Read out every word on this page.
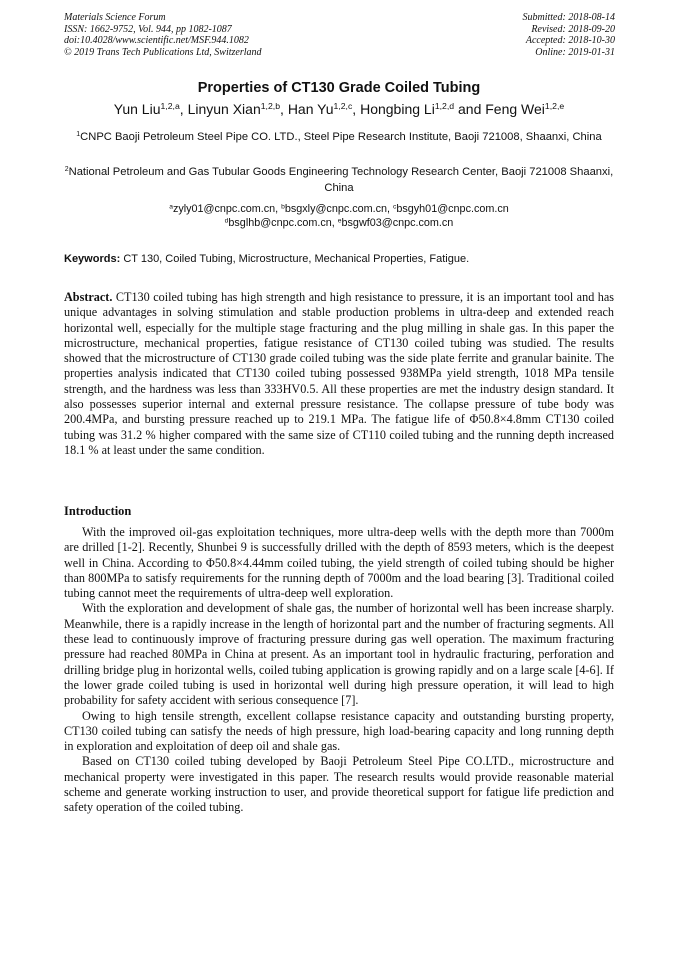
Materials Science Forum
ISSN: 1662-9752, Vol. 944, pp 1082-1087
doi:10.4028/www.scientific.net/MSF.944.1082
© 2019 Trans Tech Publications Ltd, Switzerland
Submitted: 2018-08-14
Revised: 2018-09-20
Accepted: 2018-10-30
Online: 2019-01-31
Properties of CT130 Grade Coiled Tubing
Yun Liu$^{1,2,a}$, Linyun Xian$^{1,2,b}$, Han Yu$^{1,2,c}$, Hongbing Li$^{1,2,d}$ and Feng Wei$^{1,2,e}$
$^1$CNPC Baoji Petroleum Steel Pipe CO. LTD., Steel Pipe Research Institute, Baoji 721008, Shaanxi, China
$^2$National Petroleum and Gas Tubular Goods Engineering Technology Research Center, Baoji 721008 Shaanxi, China
$^a$zyly01@cnpc.com.cn, $^b$bsgxly@cnpc.com.cn, $^c$bsgyh01@cnpc.com.cn
$^d$bsglhb@cnpc.com.cn, $^e$bsgwf03@cnpc.com.cn
Keywords: CT 130, Coiled Tubing, Microstructure, Mechanical Properties, Fatigue.
Abstract. CT130 coiled tubing has high strength and high resistance to pressure, it is an important tool and has unique advantages in solving stimulation and stable production problems in ultra-deep and extended reach horizontal well, especially for the multiple stage fracturing and the plug milling in shale gas. In this paper the microstructure, mechanical properties, fatigue resistance of CT130 coiled tubing was studied. The results showed that the microstructure of CT130 grade coiled tubing was the side plate ferrite and granular bainite. The properties analysis indicated that CT130 coiled tubing possessed 938MPa yield strength, 1018 MPa tensile strength, and the hardness was less than 333HV0.5. All these properties are met the industry design standard. It also possesses superior internal and external pressure resistance. The collapse pressure of tube body was 200.4MPa, and bursting pressure reached up to 219.1 MPa. The fatigue life of Φ50.8×4.8mm CT130 coiled tubing was 31.2 % higher compared with the same size of CT110 coiled tubing and the running depth increased 18.1 % at least under the same condition.
Introduction

With the improved oil-gas exploitation techniques, more ultra-deep wells with the depth more than 7000m are drilled [1-2]. Recently, Shunbei 9 is successfully drilled with the depth of 8593 meters, which is the deepest well in China. According to Φ50.8×4.44mm coiled tubing, the yield strength of coiled tubing should be higher than 800MPa to satisfy requirements for the running depth of 7000m and the load bearing [3]. Traditional coiled tubing cannot meet the requirements of ultra-deep well exploration.

With the exploration and development of shale gas, the number of horizontal well has been increase sharply. Meanwhile, there is a rapidly increase in the length of horizontal part and the number of fracturing segments. All these lead to continuously improve of fracturing pressure during gas well operation. The maximum fracturing pressure had reached 80MPa in China at present. As an important tool in hydraulic fracturing, perforation and drilling bridge plug in horizontal wells, coiled tubing application is growing rapidly and on a large scale [4-6]. If the lower grade coiled tubing is used in horizontal well during high pressure operation, it will lead to high probability for safety accident with serious consequence [7].

Owing to high tensile strength, excellent collapse resistance capacity and outstanding bursting property, CT130 coiled tubing can satisfy the needs of high pressure, high load-bearing capacity and long running depth in exploration and exploitation of deep oil and shale gas.

Based on CT130 coiled tubing developed by Baoji Petroleum Steel Pipe CO.LTD., microstructure and mechanical property were investigated in this paper. The research results would provide reasonable material scheme and generate working instruction to user, and provide theoretical support for fatigue life prediction and safety operation of the coiled tubing.
